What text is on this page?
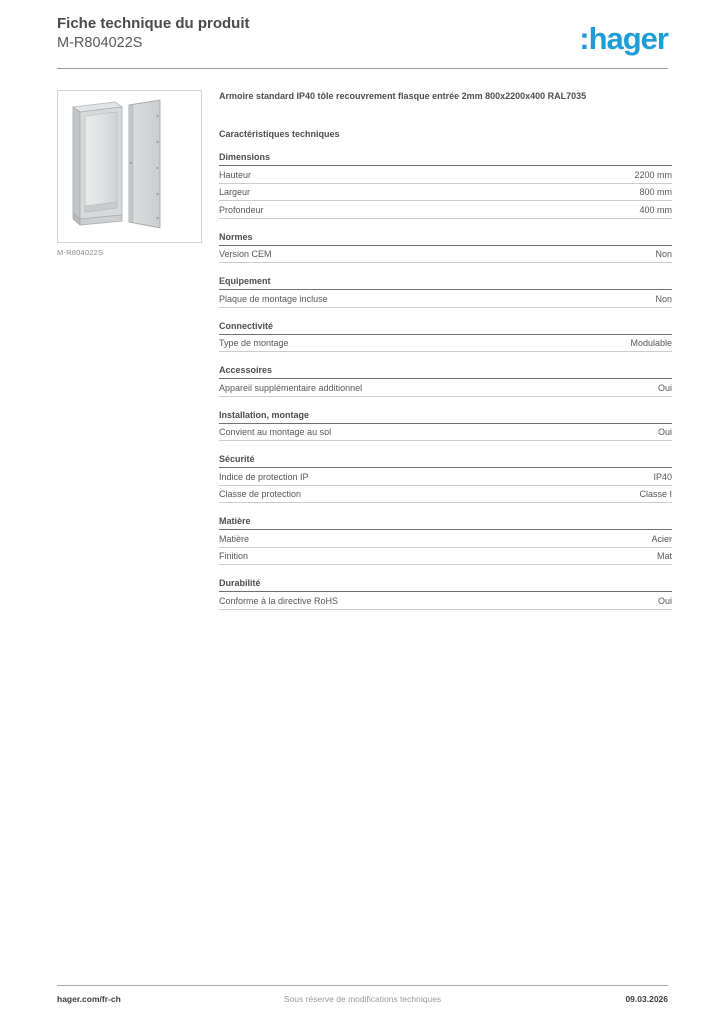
Fiche technique du produit
M-R804022S	:hager
M-R804022S
Armoire standard IP40 tôle recouvrement flasque entrée 2mm 800x2200x400 RAL7035
Caractéristiques techniques
Dimensions
Hauteur	2200 mm
Largeur	800 mm
Profondeur	400 mm
Normes
Version CEM	Non
Equipement
Plaque de montage incluse	Non
Connectivité
Type de montage	Modulable
Accessoires
Appareil supplémentaire additionnel	Oui
Installation, montage
Convient au montage au sol	Oui
Sécurité
Indice de protection IP	IP40
Classe de protection	Classe I
Matière
Matière	Acier
Finition	Mat
Durabilité
Conforme à la directive RoHS	Oui
hager.com/fr-ch	Sous réserve de modifications techniques	09.03.2026
